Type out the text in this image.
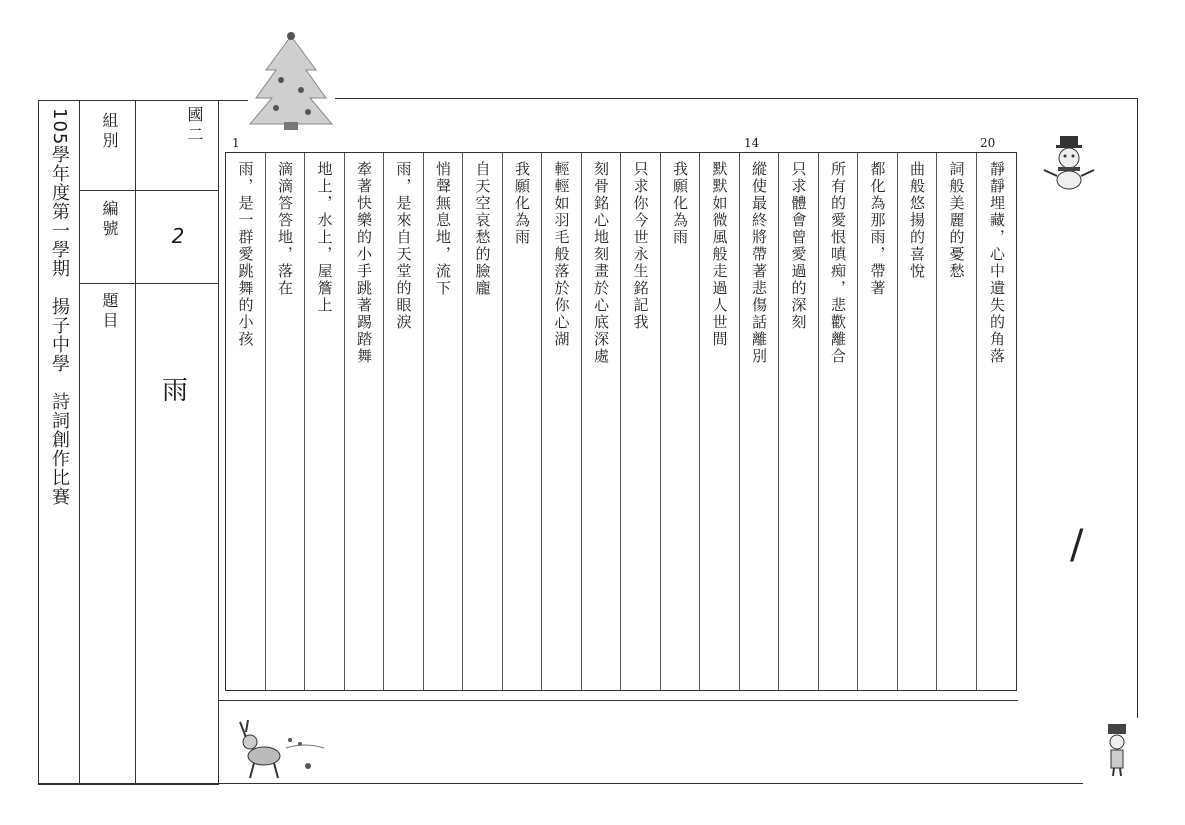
105學年度第一學期　揚子中學　詩詞創作比賽	組別	國二
編號	2
題目
雨
1	14	20
雨，是一群愛跳舞的小孩	滴滴答答地，落在	地上，水上，屋簷上	牽著快樂的小手跳著踢踏舞	雨，是來自天堂的眼淚	悄聲無息地，流下	自天空哀愁的臉龐	我願化為雨	輕輕如羽毛般落於你心湖	刻骨銘心地刻畫於心底深處	只求你今世永生銘記我	我願化為雨	默默如微風般走過人世間	縱使最終將帶著悲傷話離別	只求體會曾愛過的深刻	所有的愛恨嗔痴，悲歡離合	都化為那雨，帶著	曲般悠揚的喜悅	詞般美麗的憂愁	靜靜埋藏，心中遺失的角落
/
